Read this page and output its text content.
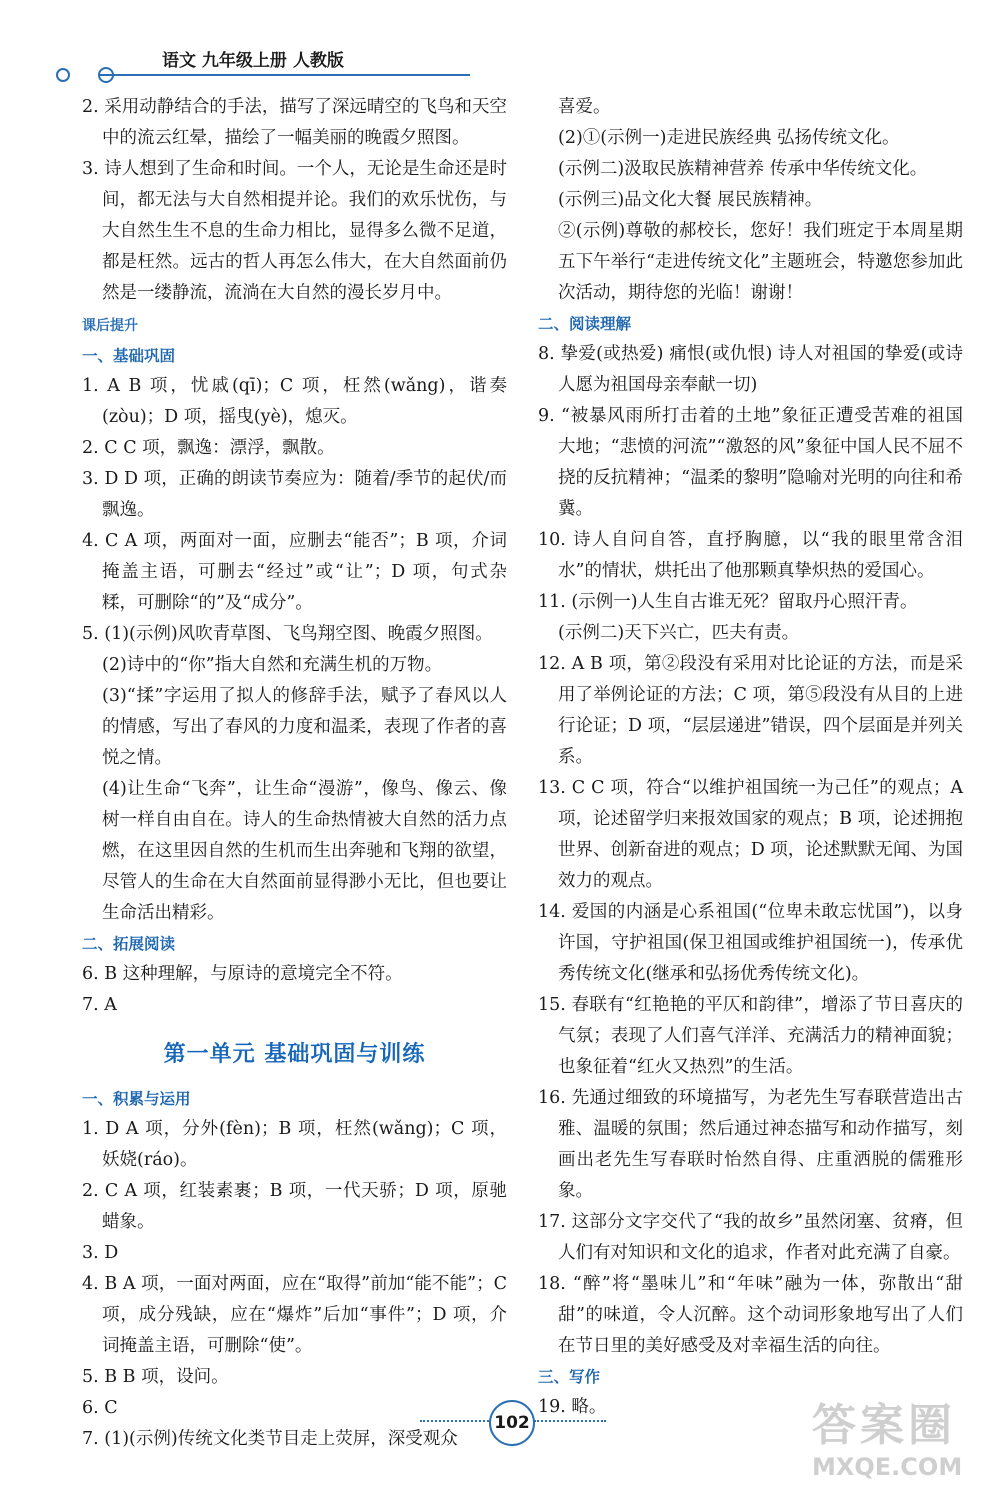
语文 九年级上册 人教版

2. 采用动静结合的手法，描写了深远晴空的飞鸟和天空中的流云红晕，描绘了一幅美丽的晚霞夕照图。

3. 诗人想到了生命和时间。一个人，无论是生命还是时间，都无法与大自然相提并论。我们的欢乐忧伤，与大自然生生不息的生命力相比，显得多么微不足道，都是枉然。远古的哲人再怎么伟大，在大自然面前仍然是一缕静流，流淌在大自然的漫长岁月中。

课后提升

一、基础巩固

1. A B 项，忧戚(qī)；C 项，枉然(wǎng)，谐奏(zòu)；D 项，摇曳(yè)，熄灭。

2. C C 项，飘逸：漂浮，飘散。

3. D D 项，正确的朗读节奏应为：随着/季节的起伏/而飘逸。

4. C A 项，两面对一面，应删去“能否”；B 项，介词掩盖主语，可删去“经过”或“让”；D 项，句式杂糅，可删除“的”及“成分”。

5. (1)(示例)风吹青草图、飞鸟翔空图、晚霞夕照图。

(2)诗中的“你”指大自然和充满生机的万物。

(3)“揉”字运用了拟人的修辞手法，赋予了春风以人的情感，写出了春风的力度和温柔，表现了作者的喜悦之情。

(4)让生命“飞奔”，让生命“漫游”，像鸟、像云、像树一样自由自在。诗人的生命热情被大自然的活力点燃，在这里因自然的生机而生出奔驰和飞翔的欲望，尽管人的生命在大自然面前显得渺小无比，但也要让生命活出精彩。

二、拓展阅读

6. B 这种理解，与原诗的意境完全不符。

7. A

第一单元 基础巩固与训练

一、积累与运用

1. D A 项，分外(fèn)；B 项，枉然(wǎng)；C 项，妖娆(ráo)。

2. C A 项，红装素裹；B 项，一代天骄；D 项，原驰蜡象。

3. D

4. B A 项，一面对两面，应在“取得”前加“能不能”；C 项，成分残缺，应在“爆炸”后加“事件”；D 项，介词掩盖主语，可删除“使”。

5. B B 项，设问。

6. C

7. (1)(示例)传统文化类节目走上荧屏，深受观众

喜爱。

(2)①(示例一)走进民族经典 弘扬传统文化。

(示例二)汲取民族精神营养 传承中华传统文化。

(示例三)品文化大餐 展民族精神。

②(示例)尊敬的郝校长，您好！我们班定于本周星期五下午举行“走进传统文化”主题班会，特邀您参加此次活动，期待您的光临！谢谢！

二、阅读理解

8. 挚爱(或热爱) 痛恨(或仇恨) 诗人对祖国的挚爱(或诗人愿为祖国母亲奉献一切)

9. “被暴风雨所打击着的土地”象征正遭受苦难的祖国大地；“悲愤的河流”“激怒的风”象征中国人民不屈不挠的反抗精神；“温柔的黎明”隐喻对光明的向往和希冀。

10. 诗人自问自答，直抒胸臆，以“我的眼里常含泪水”的情状，烘托出了他那颗真挚炽热的爱国心。

11. (示例一)人生自古谁无死？留取丹心照汗青。

(示例二)天下兴亡，匹夫有责。

12. A B 项，第②段没有采用对比论证的方法，而是采用了举例论证的方法；C 项，第⑤段没有从目的上进行论证；D 项，“层层递进”错误，四个层面是并列关系。

13. C C 项，符合“以维护祖国统一为己任”的观点；A 项，论述留学归来报效国家的观点；B 项，论述拥抱世界、创新奋进的观点；D 项，论述默默无闻、为国效力的观点。

14. 爱国的内涵是心系祖国(“位卑未敢忘忧国”)，以身许国，守护祖国(保卫祖国或维护祖国统一)，传承优秀传统文化(继承和弘扬优秀传统文化)。

15. 春联有“红艳艳的平仄和韵律”，增添了节日喜庆的气氛；表现了人们喜气洋洋、充满活力的精神面貌；也象征着“红火又热烈”的生活。

16. 先通过细致的环境描写，为老先生写春联营造出古雅、温暖的氛围；然后通过神态描写和动作描写，刻画出老先生写春联时怡然自得、庄重洒脱的儒雅形象。

17. 这部分文字交代了“我的故乡”虽然闭塞、贫瘠，但人们有对知识和文化的追求，作者对此充满了自豪。

18. “醉”将“墨味儿”和“年味”融为一体，弥散出“甜甜”的味道，令人沉醉。这个动词形象地写出了人们在节日里的美好感受及对幸福生活的向往。

三、写作

19. 略。

102	答案圈
MXQE.COM
